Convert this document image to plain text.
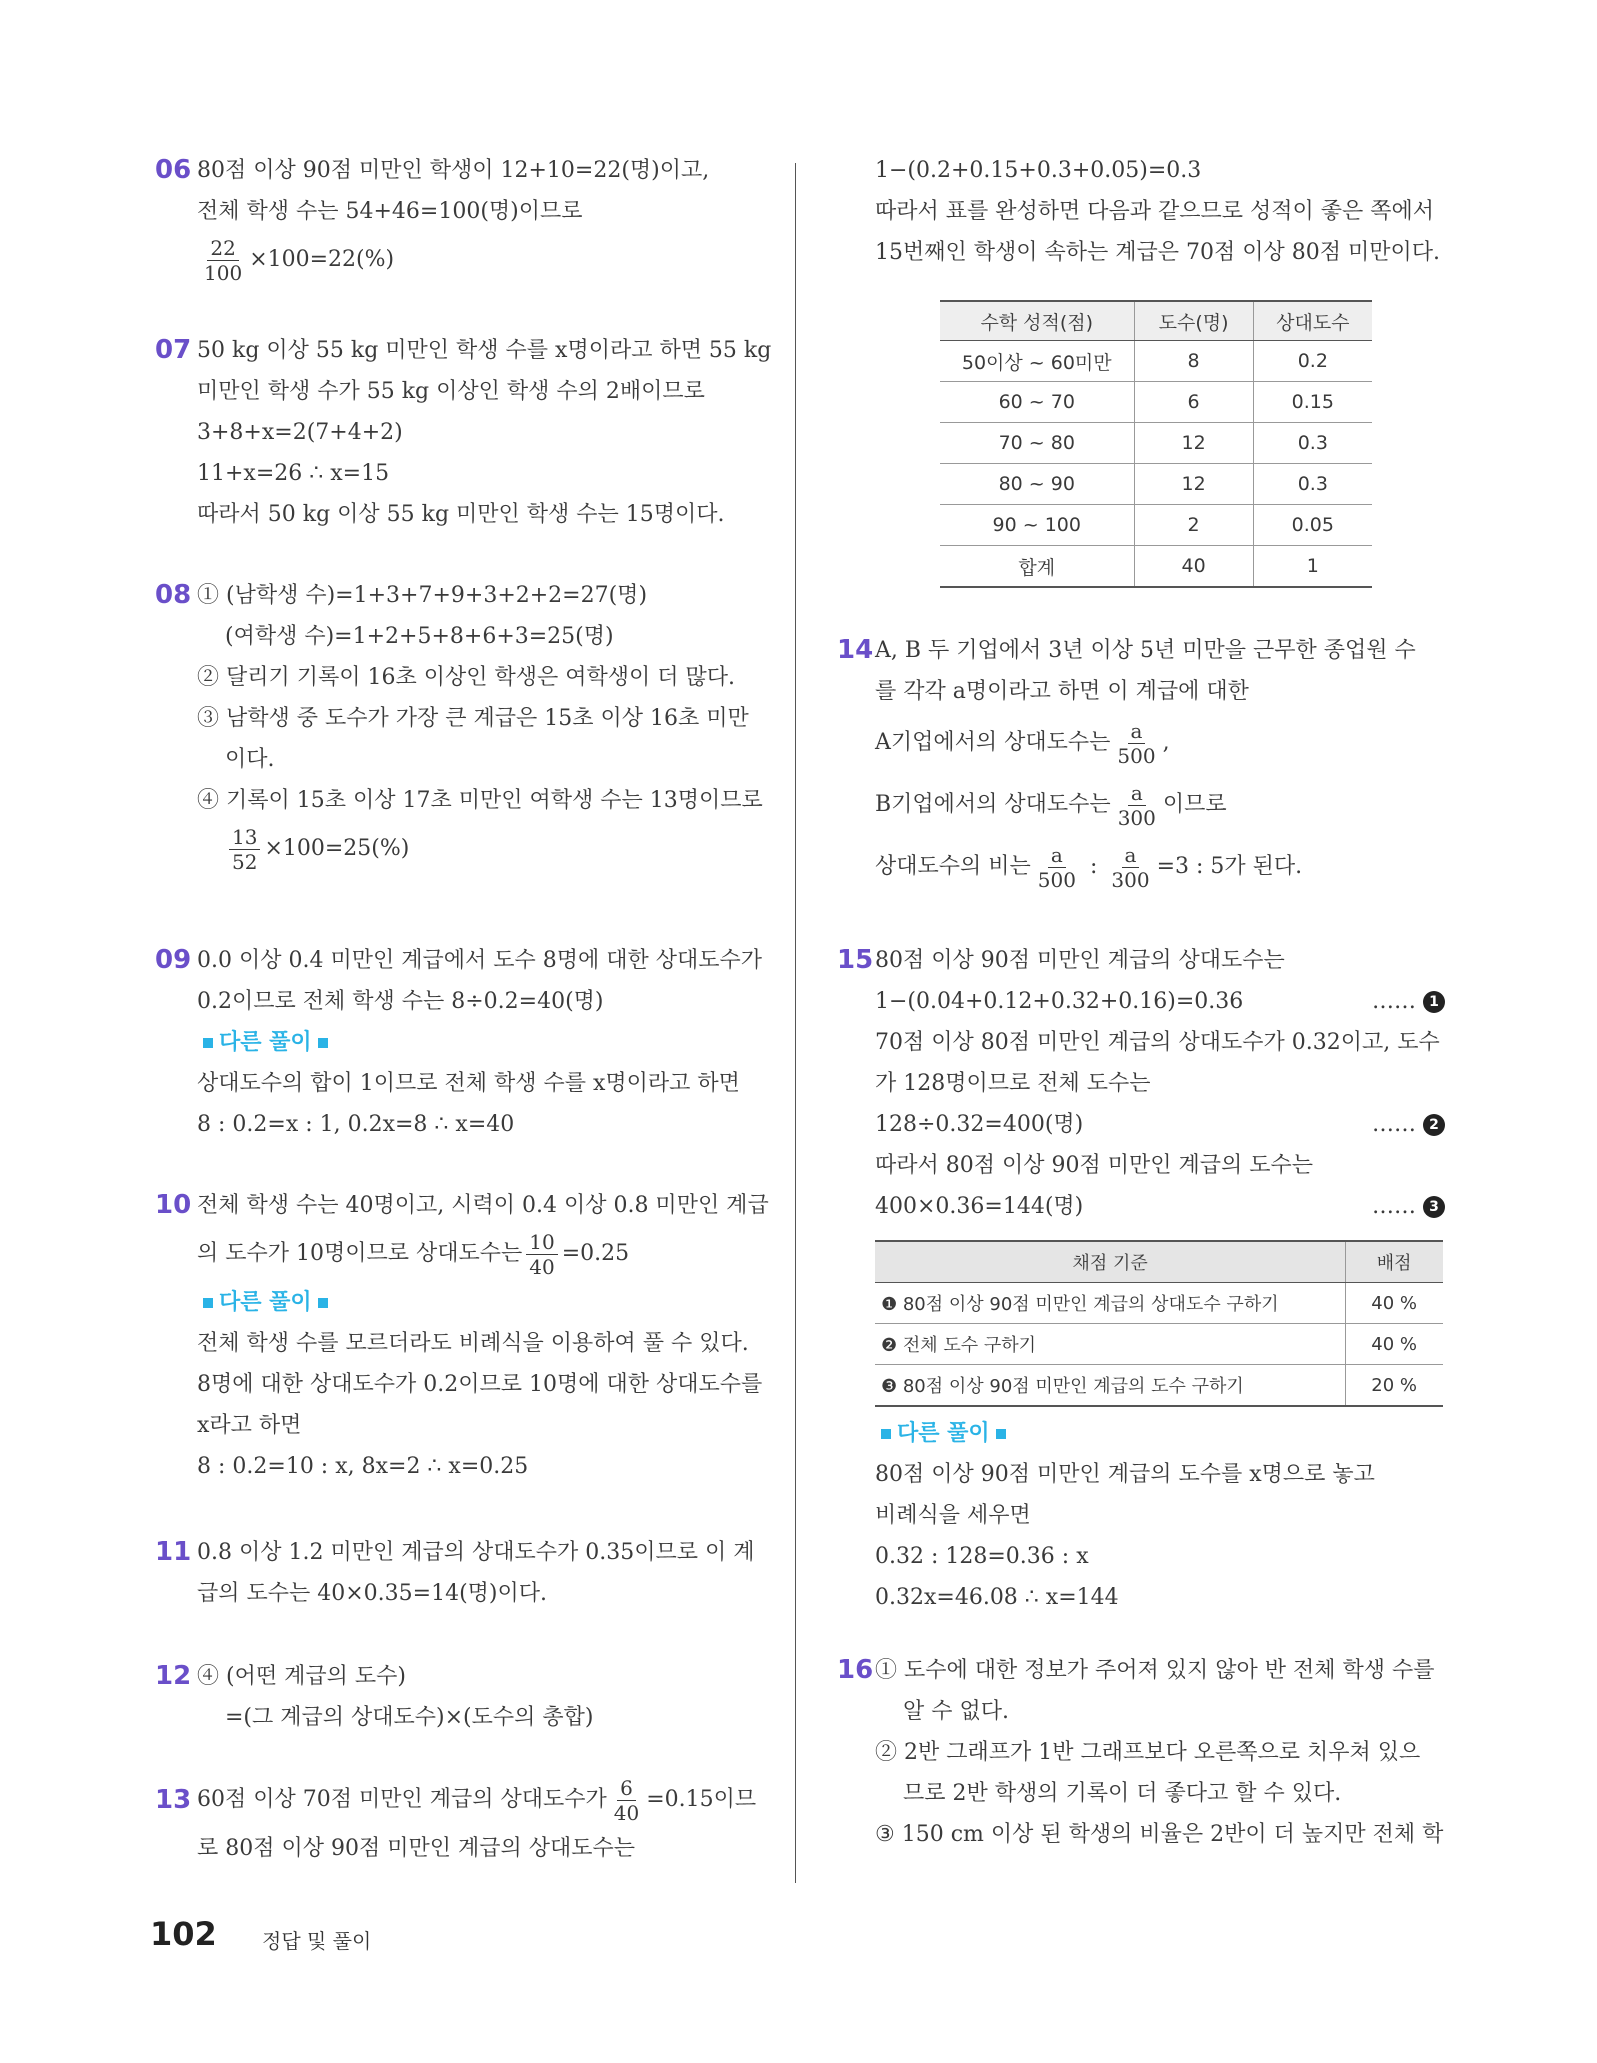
06 80점 이상 90점 미만인 학생이 12+10=22(명)이고,
전체 학생 수는 54+46=100(명)이므로
$\frac{22}{100} \times 100=22(\%)$
07 50 kg 이상 55 kg 미만인 학생 수를 x명이라고 하면 55 kg
미만인 학생 수가 55 kg 이상인 학생 수의 2배이므로
3+8+x=2(7+4+2)
11+x=26 ∴ x=15
따라서 50 kg 이상 55 kg 미만인 학생 수는 15명이다.
08 ① (남학생 수)=1+3+7+9+3+2+2=27(명)
(여학생 수)=1+2+5+8+6+3=25(명)
② 달리기 기록이 16초 이상인 학생은 여학생이 더 많다.
③ 남학생 중 도수가 가장 큰 계급은 15초 이상 16초 미만
이다.
④ 기록이 15초 이상 17초 미만인 여학생 수는 13명이므로
$\frac{13}{52} \times 100=25(\%)$
09 0.0 이상 0.4 미만인 계급에서 도수 8명에 대한 상대도수가
0.2이므로 전체 학생 수는 8÷0.2=40(명)
다른 풀이
상대도수의 합이 1이므로 전체 학생 수를 x명이라고 하면
8 : 0.2=x : 1, 0.2x=8 ∴ x=40
10 전체 학생 수는 40명이고, 시력이 0.4 이상 0.8 미만인 계급
의 도수가 10명이므로 상대도수는 $\frac{10}{40} =0.25$
다른 풀이
전체 학생 수를 모르더라도 비례식을 이용하여 풀 수 있다.
8명에 대한 상대도수가 0.2이므로 10명에 대한 상대도수를
x라고 하면
8 : 0.2=10 : x, 8x=2 ∴ x=0.25
11 0.8 이상 1.2 미만인 계급의 상대도수가 0.35이므로 이 계
급의 도수는 40×0.35=14(명)이다.
12 ④ (어떤 계급의 도수)
=(그 계급의 상대도수)×(도수의 총합)
13 60점 이상 70점 미만인 계급의 상대도수가 $\frac{6}{40} =0.15$이므
로 80점 이상 90점 미만인 계급의 상대도수는
1−(0.2+0.15+0.3+0.05)=0.3
따라서 표를 완성하면 다음과 같으므로 성적이 좋은 쪽에서
15번째인 학생이 속하는 계급은 70점 이상 80점 미만이다.
수학 성적(점)	도수(명)	상대도수
50이상 ~ 60미만	8	0.2
60 ~ 70	6	0.15
70 ~ 80	12	0.3
80 ~ 90	12	0.3
90 ~ 100	2	0.05
합계	40	1
14 A, B 두 기업에서 3년 이상 5년 미만을 근무한 종업원 수
를 각각 a명이라고 하면 이 계급에 대한
A기업에서의 상대도수는 $\frac{a}{500}$ ,
B기업에서의 상대도수는 $\frac{a}{300}$ 이므로
상대도수의 비는 $\frac{a}{500}$ : $\frac{a}{300} =3$ : 5가 된다.
15 80점 이상 90점 미만인 계급의 상대도수는
1−(0.04+0.12+0.32+0.16)=0.36	…… 1
70점 이상 80점 미만인 계급의 상대도수가 0.32이고, 도수
가 128명이므로 전체 도수는
128÷0.32=400(명)	…… 2
따라서 80점 이상 90점 미만인 계급의 도수는
400×0.36=144(명)	…… 3
채점 기준	배점
❶ 80점 이상 90점 미만인 계급의 상대도수 구하기	40 %
❷ 전체 도수 구하기	40 %
❸ 80점 이상 90점 미만인 계급의 도수 구하기	20 %
다른 풀이
80점 이상 90점 미만인 계급의 도수를 x명으로 놓고
비례식을 세우면
0.32 : 128=0.36 : x
0.32x=46.08 ∴ x=144
16 ① 도수에 대한 정보가 주어져 있지 않아 반 전체 학생 수를
알 수 없다.
② 2반 그래프가 1반 그래프보다 오른쪽으로 치우쳐 있으
므로 2반 학생의 기록이 더 좋다고 할 수 있다.
③ 150 cm 이상 된 학생의 비율은 2반이 더 높지만 전체 학
102 정답 및 풀이
